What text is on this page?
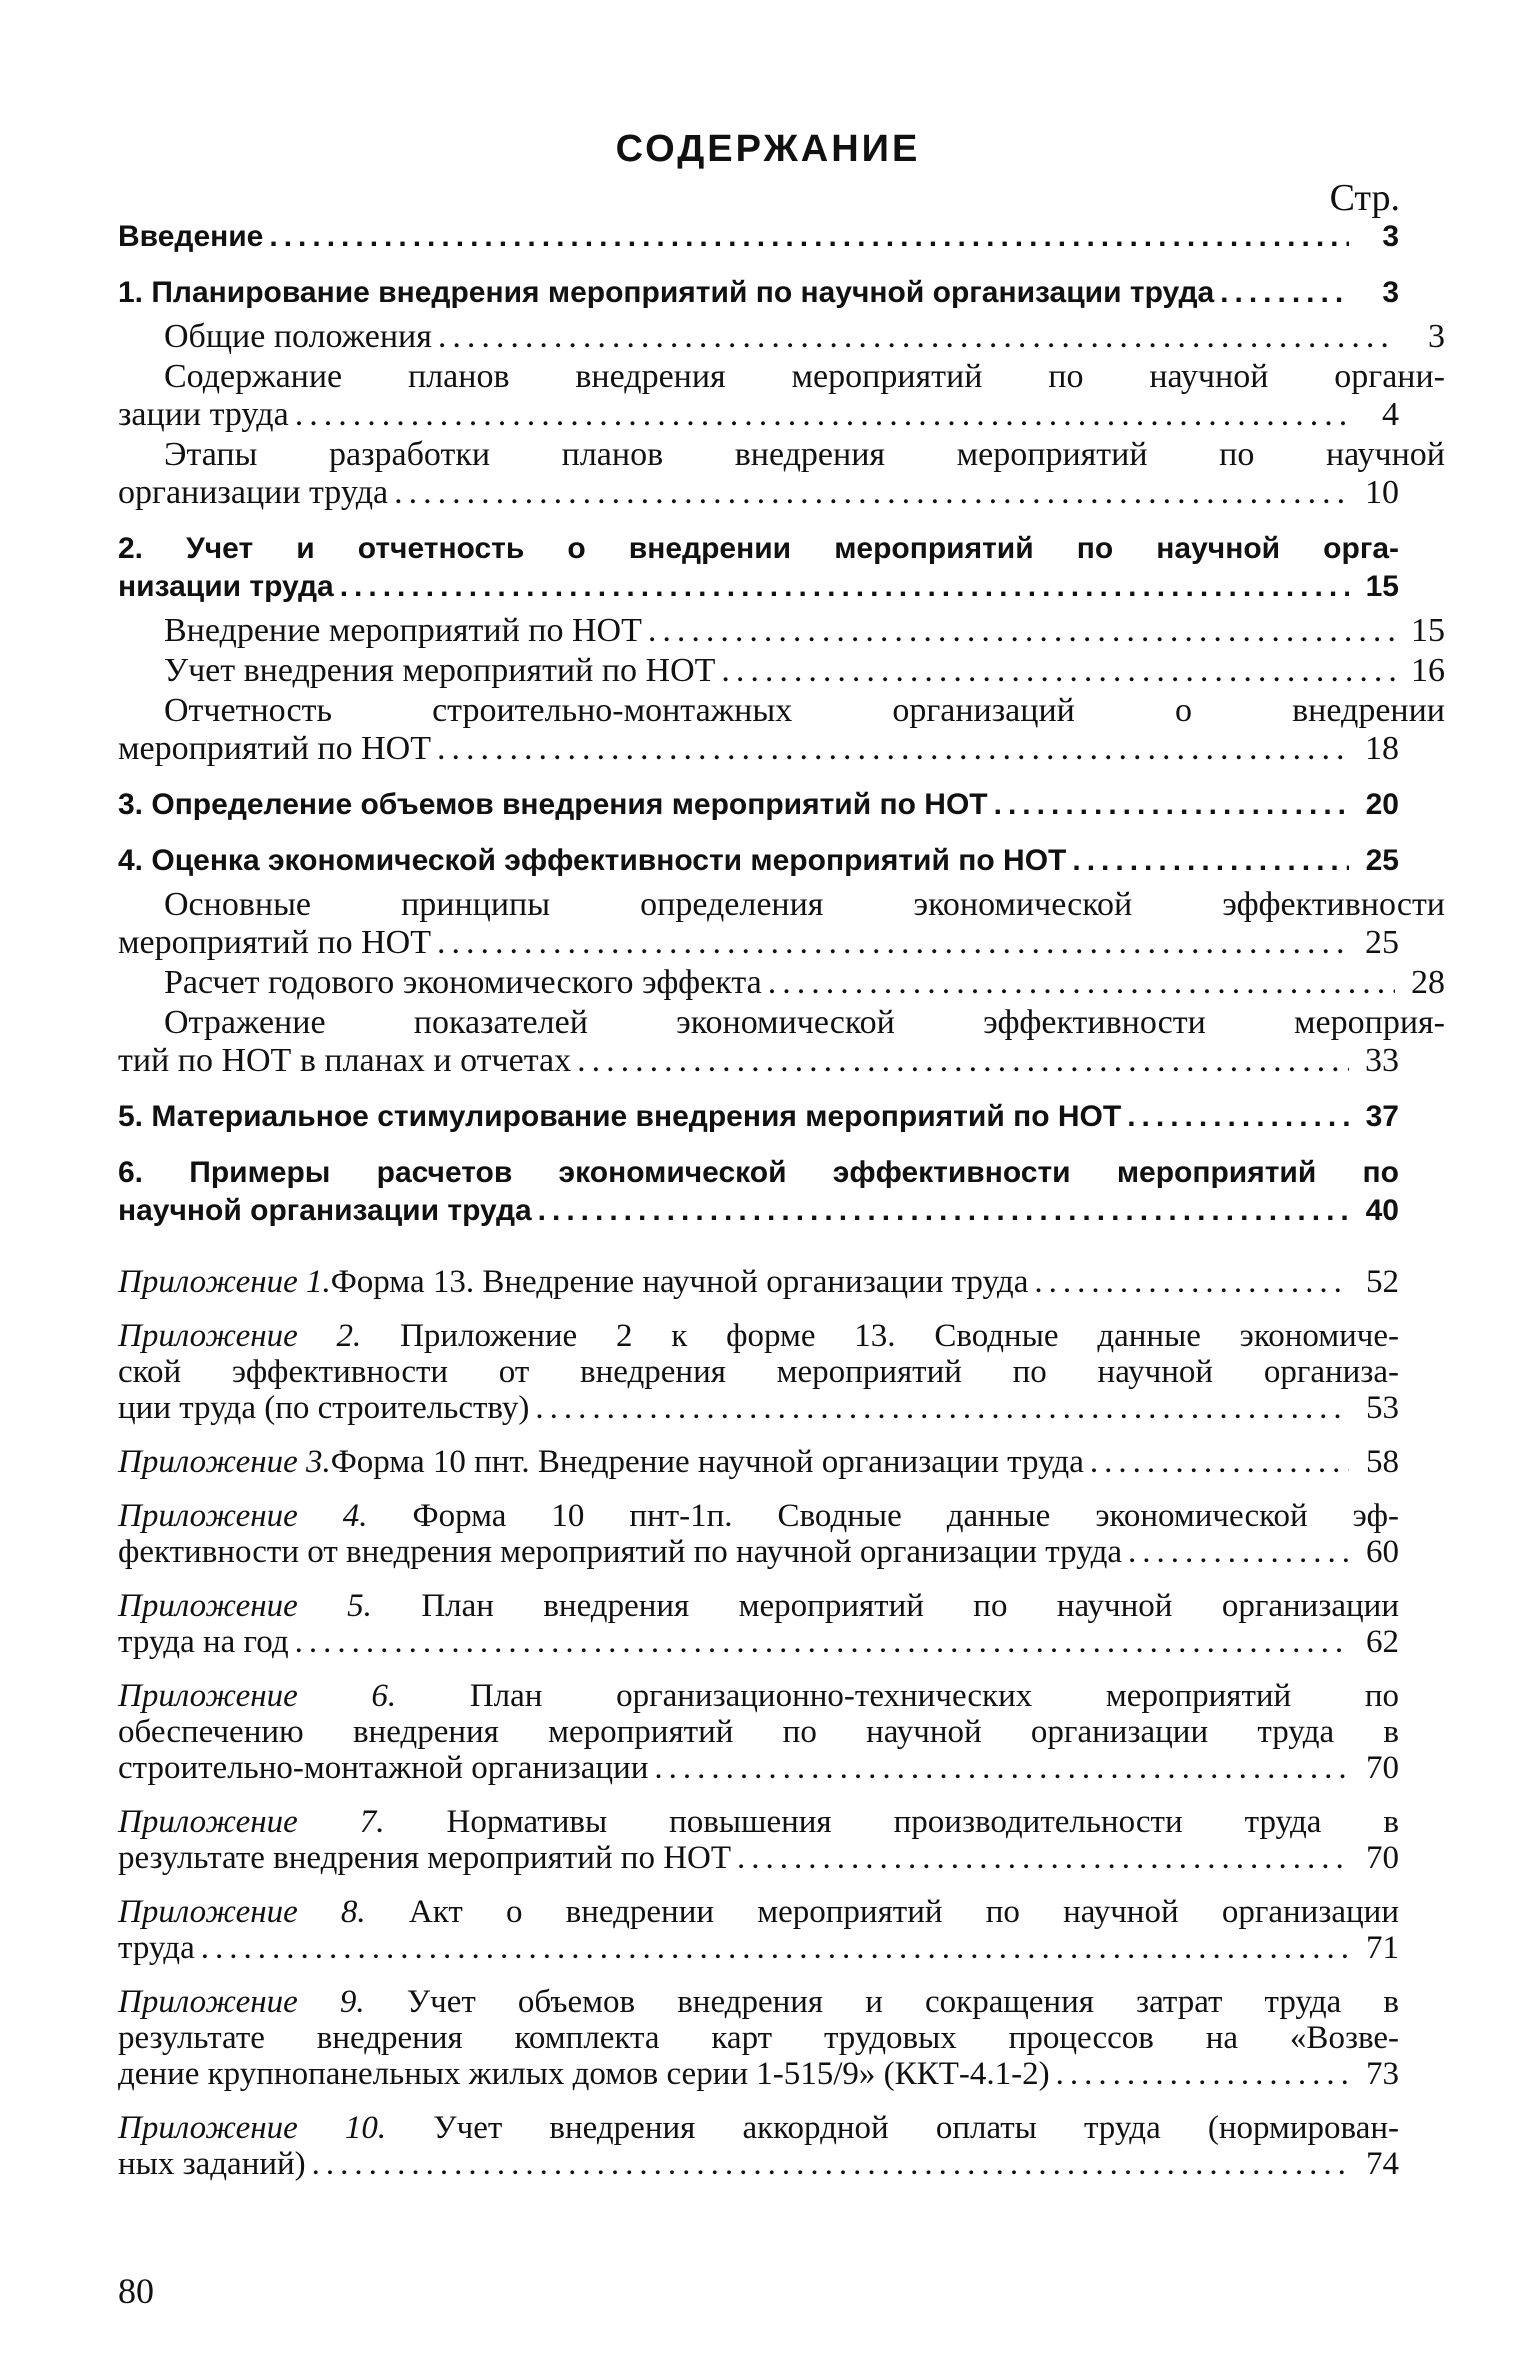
СОДЕРЖАНИЕ
Стр.
Введение .....	3
1. Планирование внедрения мероприятий по научной организации труда .....	3
Общие положения .....	3
Содержание планов внедрения мероприятий по научной органи-
зации труда .....	4
Этапы разработки планов внедрения мероприятий по научной
организации труда .....	10
2. Учет и отчетность о внедрении мероприятий по научной орга-
низации труда .....	15
Внедрение мероприятий по НОТ .....	15
Учет внедрения мероприятий по НОТ .....	16
Отчетность строительно-монтажных организаций о внедрении
мероприятий по НОТ .....	18
3. Определение объемов внедрения мероприятий по НОТ .....	20
4. Оценка экономической эффективности мероприятий по НОТ .....	25
Основные принципы определения экономической эффективности
мероприятий по НОТ .....	25
Расчет годового экономического эффекта .....	28
Отражение показателей экономической эффективности мероприя-
тий по НОТ в планах и отчетах .....	33
5. Материальное стимулирование внедрения мероприятий по НОТ .....	37
6. Примеры расчетов экономической эффективности мероприятий по
научной организации труда .....	40
Приложение 1. Форма 13. Внедрение научной организации труда .....	52
Приложение 2. Приложение 2 к форме 13. Сводные данные экономиче-
ской эффективности от внедрения мероприятий по научной организа-
ции труда (по строительству) .....	53
Приложение 3. Форма 10 пнт. Внедрение научной организации труда .....	58
Приложение 4. Форма 10 пнт-1п. Сводные данные экономической эф-
фективности от внедрения мероприятий по научной организации труда .....	60
Приложение 5. План внедрения мероприятий по научной организации
труда на год .....	62
Приложение 6. План организационно-технических мероприятий по
обеспечению внедрения мероприятий по научной организации труда в
строительно-монтажной организации .....	70
Приложение 7. Нормативы повышения производительности труда в
результате внедрения мероприятий по НОТ .....	70
Приложение 8. Акт о внедрении мероприятий по научной организации
труда .....	71
Приложение 9. Учет объемов внедрения и сокращения затрат труда в
результате внедрения комплекта карт трудовых процессов на «Возве-
дение крупнопанельных жилых домов серии 1-515/9» (ККТ-4.1-2) .....	73
Приложение 10. Учет внедрения аккордной оплаты труда (нормирован-
ных заданий) .....	74
80
